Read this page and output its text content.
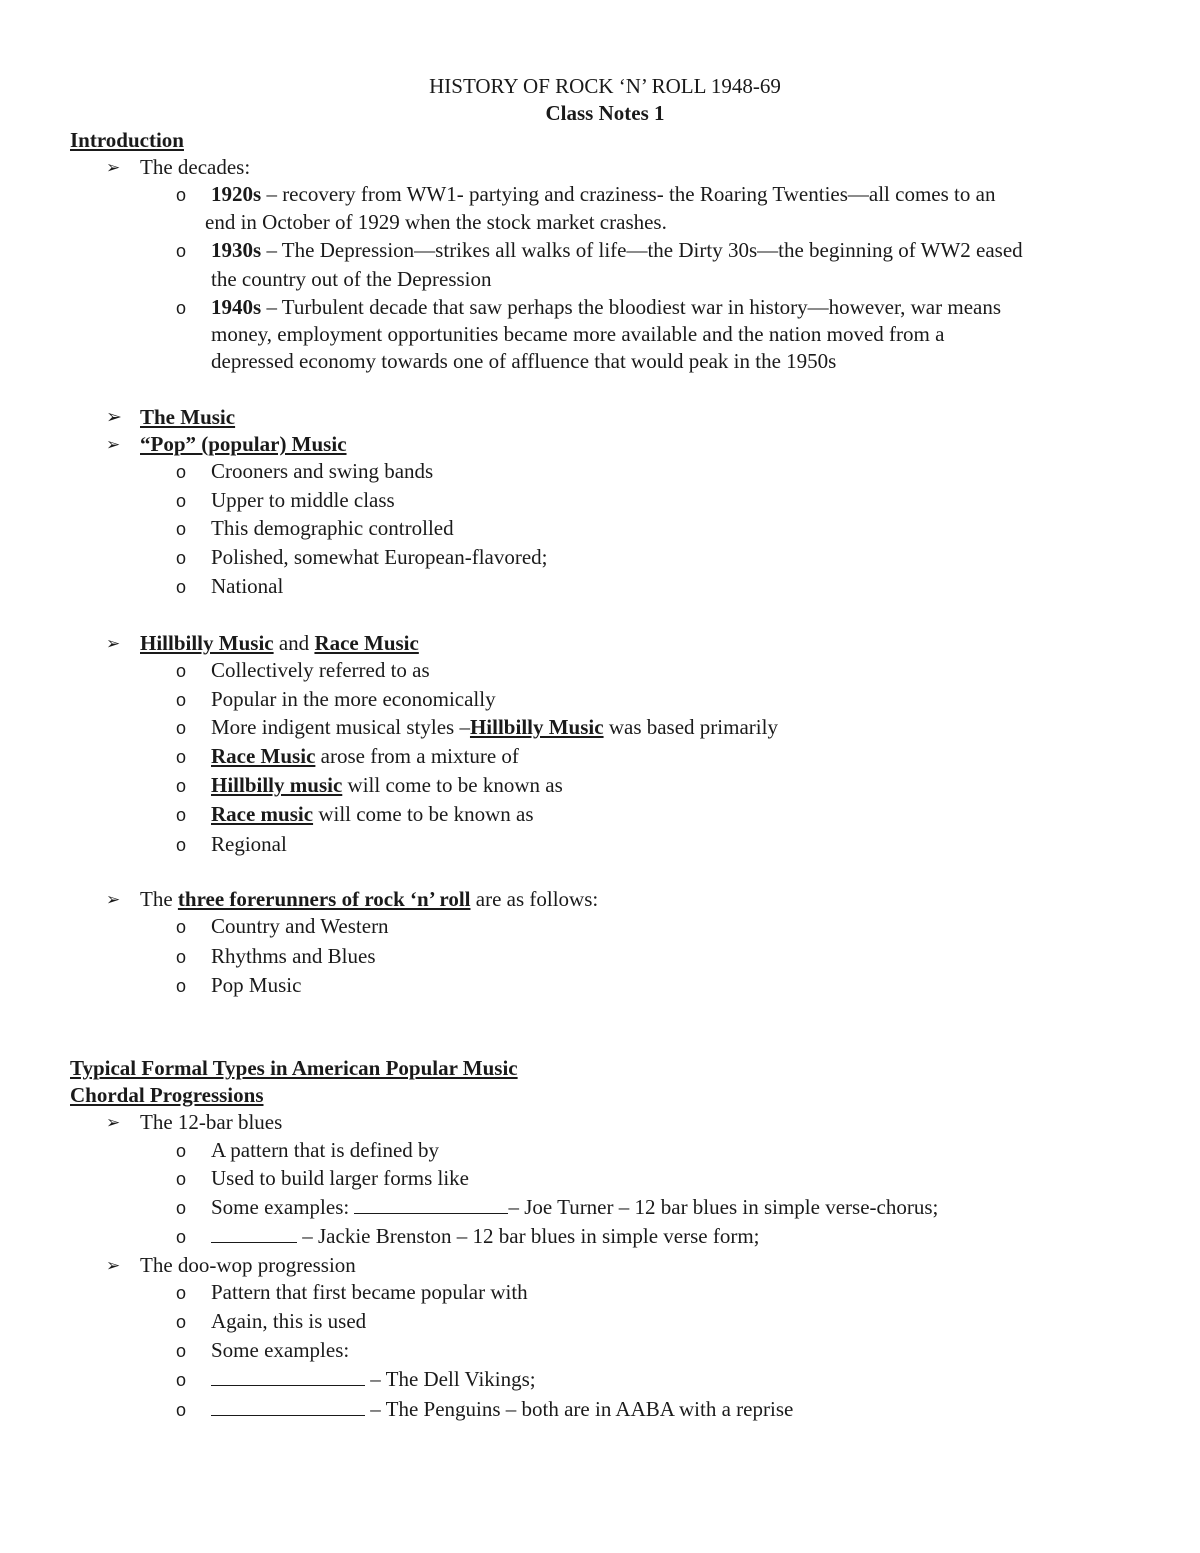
HISTORY OF ROCK ‘N’ ROLL 1948-69
Class Notes 1
Introduction
➢ The decades:
o 1920s – recovery from WW1- partying and craziness- the Roaring Twenties—all comes to an
end in October of 1929 when the stock market crashes.
o 1930s – The Depression—strikes all walks of life—the Dirty 30s—the beginning of WW2 eased
the country out of the Depression
o 1940s – Turbulent decade that saw perhaps the bloodiest war in history—however, war means
money, employment opportunities became more available and the nation moved from a
depressed economy towards one of affluence that would peak in the 1950s
➢ The Music
➢ “Pop” (popular) Music
o Crooners and swing bands
o Upper to middle class
o This demographic controlled
o Polished, somewhat European-flavored;
o National
➢ Hillbilly Music and Race Music
o Collectively referred to as
o Popular in the more economically
o More indigent musical styles –Hillbilly Music was based primarily
o Race Music arose from a mixture of
o Hillbilly music will come to be known as
o Race music will come to be known as
o Regional
➢ The three forerunners of rock ‘n’ roll are as follows:
o Country and Western
o Rhythms and Blues
o Pop Music
Typical Formal Types in American Popular Music
Chordal Progressions
➢ The 12-bar blues
o A pattern that is defined by
o Used to build larger forms like
o Some examples:	– Joe Turner – 12 bar blues in simple verse-chorus;
o	– Jackie Brenston – 12 bar blues in simple verse form;
➢ The doo-wop progression
o Pattern that first became popular with
o Again, this is used
o Some examples:
o	– The Dell Vikings;
o	– The Penguins – both are in AABA with a reprise
